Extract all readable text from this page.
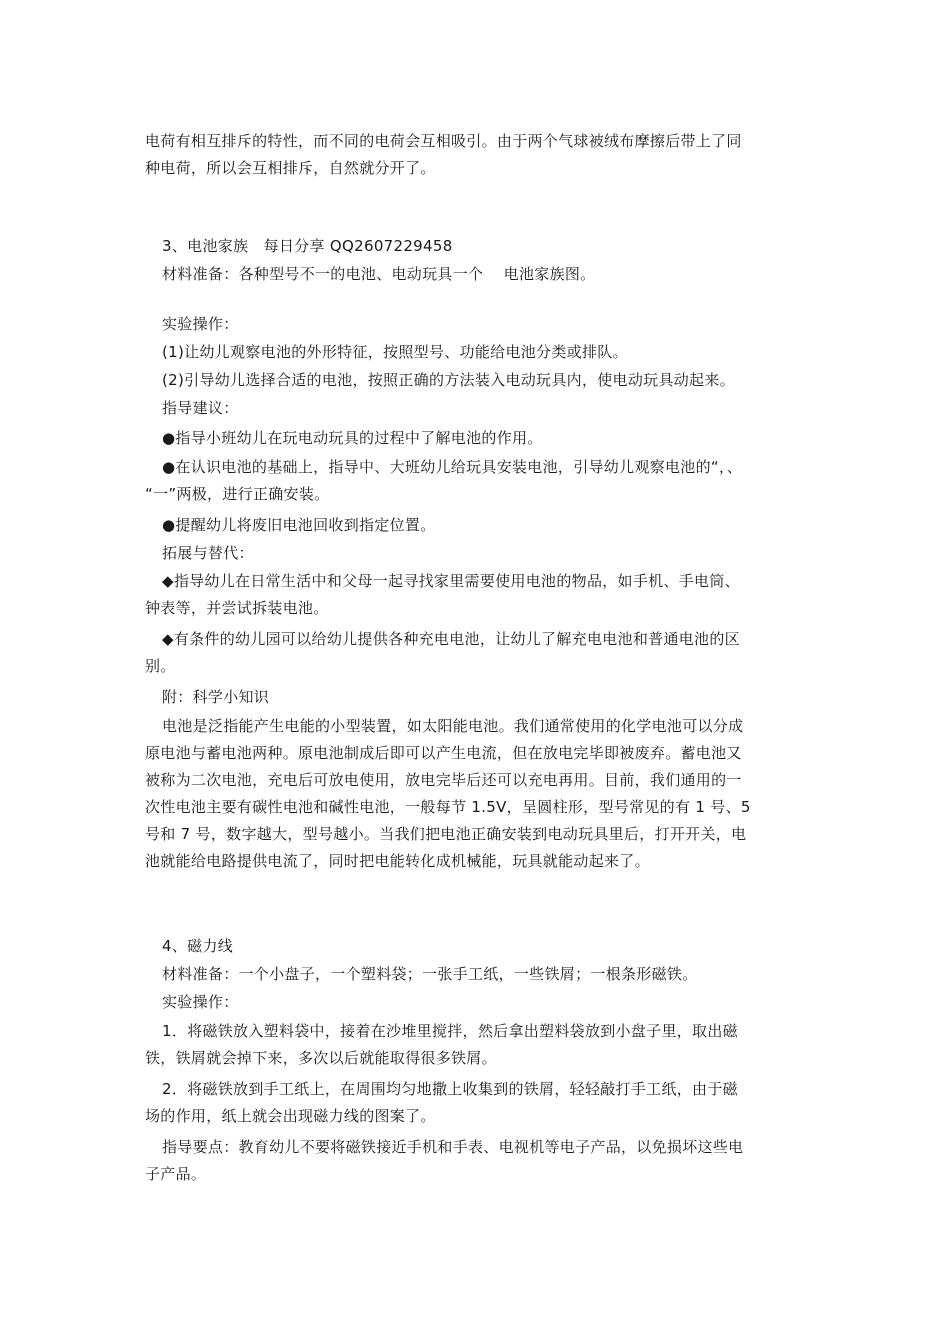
电荷有相互排斥的特性，而不同的电荷会互相吸引。由于两个气球被绒布摩擦后带上了同
种电荷，所以会互相排斥，自然就分开了。

3、电池家族　每日分享 QQ2607229458

材料准备：各种型号不一的电池、电动玩具一个　 电池家族图。

实验操作：

(1)让幼儿观察电池的外形特征，按照型号、功能给电池分类或排队。

(2)引导幼儿选择合适的电池，按照正确的方法装入电动玩具内，使电动玩具动起来。

指导建议：

●指导小班幼儿在玩电动玩具的过程中了解电池的作用。

●在认识电池的基础上，指导中、大班幼儿给玩具安装电池，引导幼儿观察电池的“，、
“一”两极，进行正确安装。

●提醒幼儿将废旧电池回收到指定位置。

拓展与替代：

◆指导幼儿在日常生活中和父母一起寻找家里需要使用电池的物品，如手机、手电筒、
钟表等，并尝试拆装电池。

◆有条件的幼儿园可以给幼儿提供各种充电电池，让幼儿了解充电电池和普通电池的区
别。

附：科学小知识

电池是泛指能产生电能的小型装置，如太阳能电池。我们通常使用的化学电池可以分成
原电池与蓄电池两种。原电池制成后即可以产生电流，但在放电完毕即被废弃。蓄电池又
被称为二次电池，充电后可放电使用，放电完毕后还可以充电再用。目前，我们通用的一
次性电池主要有碳性电池和碱性电池，一般每节 1.5V，呈圆柱形，型号常见的有 1 号、5
号和 7 号，数字越大，型号越小。当我们把电池正确安装到电动玩具里后，打开开关，电
池就能给电路提供电流了，同时把电能转化成机械能，玩具就能动起来了。

4、磁力线

材料准备：一个小盘子，一个塑料袋；一张手工纸，一些铁屑；一根条形磁铁。

实验操作：

1．将磁铁放入塑料袋中，接着在沙堆里搅拌，然后拿出塑料袋放到小盘子里，取出磁
铁，铁屑就会掉下来，多次以后就能取得很多铁屑。

2．将磁铁放到手工纸上，在周围均匀地撒上收集到的铁屑，轻轻敲打手工纸，由于磁
场的作用，纸上就会出现磁力线的图案了。

指导要点：教育幼儿不要将磁铁接近手机和手表、电视机等电子产品，以免损坏这些电
子产品。
